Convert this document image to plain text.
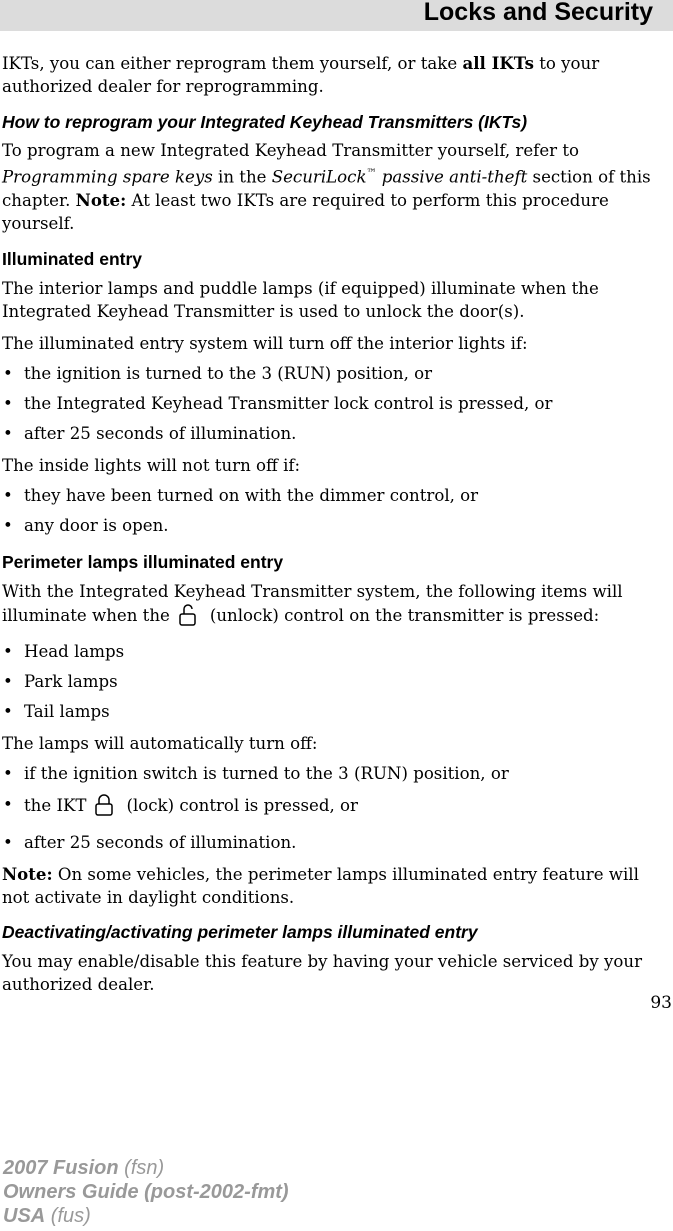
Locks and Security

IKTs, you can either reprogram them yourself, or take all IKTs to your authorized dealer for reprogramming.

How to reprogram your Integrated Keyhead Transmitters (IKTs)

To program a new Integrated Keyhead Transmitter yourself, refer to Programming spare keys in the SecuriLock™ passive anti-theft section of this chapter. Note: At least two IKTs are required to perform this procedure yourself.

Illuminated entry

The interior lamps and puddle lamps (if equipped) illuminate when the Integrated Keyhead Transmitter is used to unlock the door(s).

The illuminated entry system will turn off the interior lights if:

• the ignition is turned to the 3 (RUN) position, or
• the Integrated Keyhead Transmitter lock control is pressed, or
• after 25 seconds of illumination.

The inside lights will not turn off if:

• they have been turned on with the dimmer control, or
• any door is open.
Perimeter lamps illuminated entry

With the Integrated Keyhead Transmitter system, the following items will illuminate when the (unlock) control on the transmitter is pressed:

• Head lamps
• Park lamps
• Tail lamps

The lamps will automatically turn off:

• if the ignition switch is turned to the 3 (RUN) position, or
• the IKT (lock) control is pressed, or
• after 25 seconds of illumination.

Note: On some vehicles, the perimeter lamps illuminated entry feature will not activate in daylight conditions.

Deactivating/activating perimeter lamps illuminated entry

You may enable/disable this feature by having your vehicle serviced by your authorized dealer.

93
2007 Fusion (fsn)
Owners Guide (post-2002-fmt)
USA (fus)
